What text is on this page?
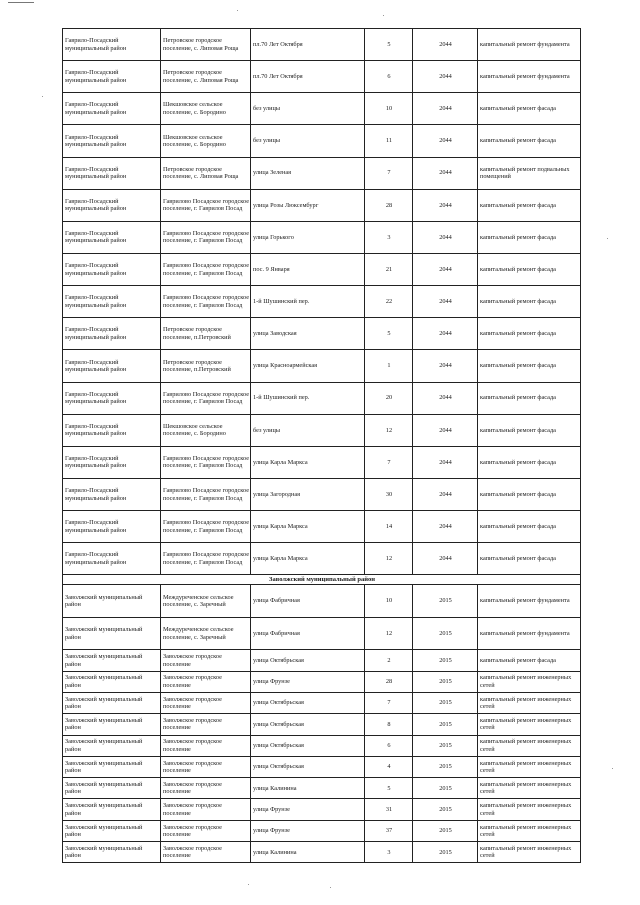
Гаврило-Посадский муниципальный район	Петровское городское поселение, с. Липовая Роща	пл.70 Лет Октября	5	2044	капитальный ремонт фундамента
Гаврило-Посадский муниципальный район	Петровское городское поселение, с. Липовая Роща	пл.70 Лет Октября	6	2044	капитальный ремонт фундамента
Гаврило-Посадский муниципальный район	Шекшовское сельское поселение, с. Бородино	без улицы	10	2044	капитальный ремонт фасада
Гаврило-Посадский муниципальный район	Шекшовское сельское поселение, с. Бородино	без улицы	11	2044	капитальный ремонт фасада
Гаврило-Посадский муниципальный район	Петровское городское поселение, с. Липовая Роща	улица Зеленая	7	2044	капитальный ремонт подвальных помещений
Гаврило-Посадский муниципальный район	Гаврилово Посадское городское поселение, г. Гаврилов Посад	улица Розы Люксембург	28	2044	капитальный ремонт фасада
Гаврило-Посадский муниципальный район	Гаврилово Посадское городское поселение, г. Гаврилов Посад	улица Горького	3	2044	капитальный ремонт фасада
Гаврило-Посадский муниципальный район	Гаврилово Посадское городское поселение, г. Гаврилов Посад	пос. 9 Января	21	2044	капитальный ремонт фасада
Гаврило-Посадский муниципальный район	Гаврилово Посадское городское поселение, г. Гаврилов Посад	1-й Шушинский пер.	22	2044	капитальный ремонт фасада
Гаврило-Посадский муниципальный район	Петровское городское поселение, п.Петровский	улица Заводская	5	2044	капитальный ремонт фасада
Гаврило-Посадский муниципальный район	Петровское городское поселение, п.Петровский	улица Красноармейская	1	2044	капитальный ремонт фасада
Гаврило-Посадский муниципальный район	Гаврилово Посадское городское поселение, г. Гаврилов Посад	1-й Шушинский пер.	20	2044	капитальный ремонт фасада
Гаврило-Посадский муниципальный район	Шекшовское сельское поселение, с. Бородино	без улицы	12	2044	капитальный ремонт фасада
Гаврило-Посадский муниципальный район	Гаврилово Посадское городское поселение, г. Гаврилов Посад	улица Карла Маркса	7	2044	капитальный ремонт фасада
Гаврило-Посадский муниципальный район	Гаврилово Посадское городское поселение, г. Гаврилов Посад	улица Загородная	30	2044	капитальный ремонт фасада
Гаврило-Посадский муниципальный район	Гаврилово Посадское городское поселение, г. Гаврилов Посад	улица Карла Маркса	14	2044	капитальный ремонт фасада
Гаврило-Посадский муниципальный район	Гаврилово Посадское городское поселение, г. Гаврилов Посад	улица Карла Маркса	12	2044	капитальный ремонт фасада
Заволжский муниципальный район					
Заволжский муниципальный район	Междуреченское сельское поселение, с. Заречный	улица Фабричная	10	2015	капитальный ремонт фундамента
Заволжский муниципальный район	Междуреченское сельское поселение, с. Заречный	улица Фабричная	12	2015	капитальный ремонт фундамента
Заволжский муниципальный район	Заволжское городское поселение	улица Октябрьская	2	2015	капитальный ремонт фасада
Заволжский муниципальный район	Заволжское городское поселение	улица Фрунзе	28	2015	капитальный ремонт инженерных сетей
Заволжский муниципальный район	Заволжское городское поселение	улица Октябрьская	7	2015	капитальный ремонт инженерных сетей
Заволжский муниципальный район	Заволжское городское поселение	улица Октябрьская	8	2015	капитальный ремонт инженерных сетей
Заволжский муниципальный район	Заволжское городское поселение	улица Октябрьская	6	2015	капитальный ремонт инженерных сетей
Заволжский муниципальный район	Заволжское городское поселение	улица Октябрьская	4	2015	капитальный ремонт инженерных сетей
Заволжский муниципальный район	Заволжское городское поселение	улица Калинина	5	2015	капитальный ремонт инженерных сетей
Заволжский муниципальный район	Заволжское городское поселение	улица Фрунзе	31	2015	капитальный ремонт инженерных сетей
Заволжский муниципальный район	Заволжское городское поселение	улица Фрунзе	37	2015	капитальный ремонт инженерных сетей
Заволжский муниципальный район	Заволжское городское поселение	улица Калинина	3	2015	капитальный ремонт инженерных сетей
